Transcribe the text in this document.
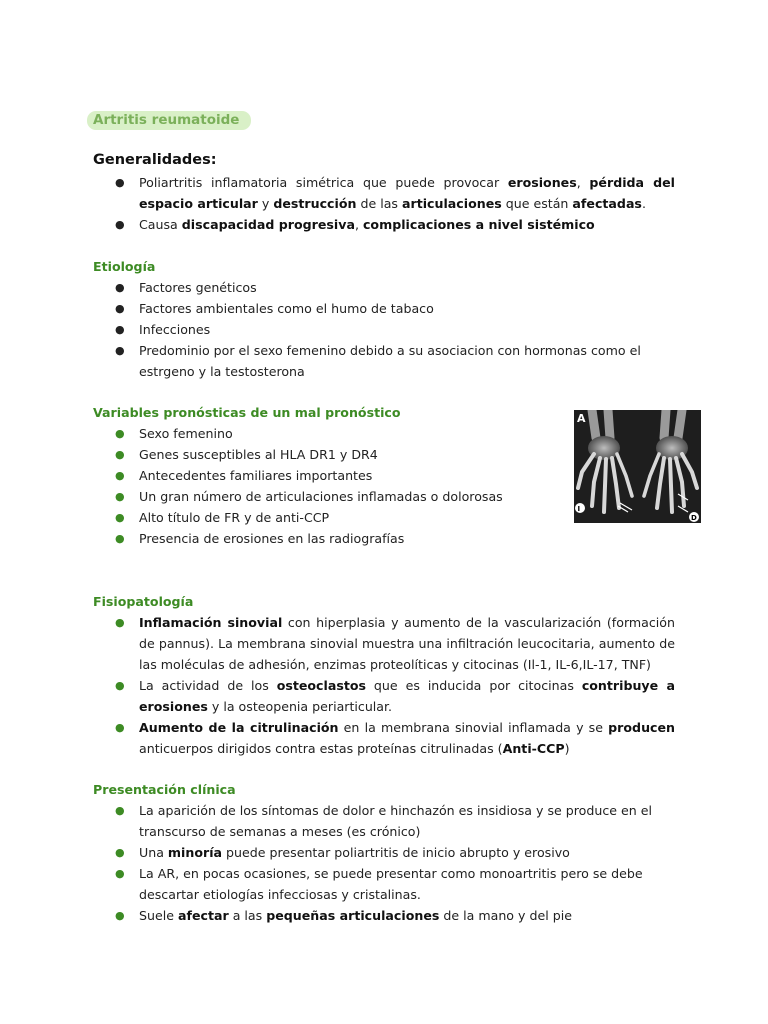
Artritis reumatoide
Generalidades:
● Poliartritis inflamatoria simétrica que puede provocar erosiones, pérdida del espacio articular y destrucción de las articulaciones que están afectadas.
● Causa discapacidad progresiva, complicaciones a nivel sistémico
Etiología
● Factores genéticos
● Factores ambientales como el humo de tabaco
● Infecciones
● Predominio por el sexo femenino debido a su asociacion con hormonas como el estrgeno y la testosterona
Variables pronósticas de un mal pronóstico
● Sexo femenino
● Genes susceptibles al HLA DR1 y DR4
● Antecedentes familiares importantes
● Un gran número de articulaciones inflamadas o dolorosas
● Alto título de FR y de anti-CCP
● Presencia de erosiones en las radiografías
A
I
D
Fisiopatología
● Inflamación sinovial con hiperplasia y aumento de la vascularización (formación de pannus). La membrana sinovial muestra una infiltración leucocitaria, aumento de las moléculas de adhesión, enzimas proteolíticas y citocinas (Il-1, IL-6,IL-17, TNF)
● La actividad de los osteoclastos que es inducida por citocinas contribuye a erosiones y la osteopenia periarticular.
● Aumento de la citrulinación en la membrana sinovial inflamada y se producen anticuerpos dirigidos contra estas proteínas citrulinadas (Anti-CCP)
Presentación clínica
● La aparición de los síntomas de dolor e hinchazón es insidiosa y se produce en el transcurso de semanas a meses (es crónico)
● Una minoría puede presentar poliartritis de inicio abrupto y erosivo
● La AR, en pocas ocasiones, se puede presentar como monoartritis pero se debe descartar etiologías infecciosas y cristalinas.
● Suele afectar a las pequeñas articulaciones de la mano y del pie
